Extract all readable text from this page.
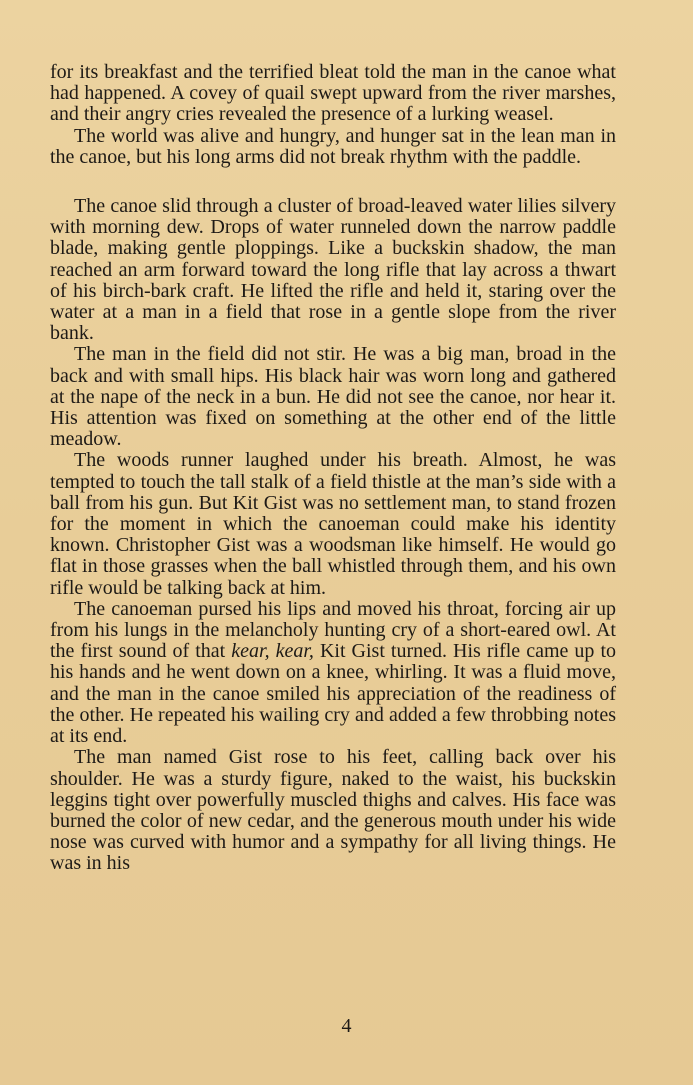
for its breakfast and the terrified bleat told the man in the canoe what had happened. A covey of quail swept upward from the river marshes, and their angry cries revealed the presence of a lurking weasel.

The world was alive and hungry, and hunger sat in the lean man in the canoe, but his long arms did not break rhythm with the paddle.

The canoe slid through a cluster of broad-leaved water lilies silvery with morning dew. Drops of water runneled down the narrow paddle blade, making gentle ploppings. Like a buckskin shadow, the man reached an arm forward toward the long rifle that lay across a thwart of his birch-bark craft. He lifted the rifle and held it, staring over the water at a man in a field that rose in a gentle slope from the river bank.

The man in the field did not stir. He was a big man, broad in the back and with small hips. His black hair was worn long and gathered at the nape of the neck in a bun. He did not see the canoe, nor hear it. His attention was fixed on something at the other end of the little meadow.

The woods runner laughed under his breath. Almost, he was tempted to touch the tall stalk of a field thistle at the man’s side with a ball from his gun. But Kit Gist was no settlement man, to stand frozen for the moment in which the canoeman could make his identity known. Christopher Gist was a woodsman like himself. He would go flat in those grasses when the ball whistled through them, and his own rifle would be talking back at him.

The canoeman pursed his lips and moved his throat, forcing air up from his lungs in the melancholy hunting cry of a short-eared owl. At the first sound of that kear, kear, Kit Gist turned. His rifle came up to his hands and he went down on a knee, whirling. It was a fluid move, and the man in the canoe smiled his appreciation of the readiness of the other. He repeated his wailing cry and added a few throbbing notes at its end.

The man named Gist rose to his feet, calling back over his shoulder. He was a sturdy figure, naked to the waist, his buckskin leggins tight over powerfully muscled thighs and calves. His face was burned the color of new cedar, and the generous mouth under his wide nose was curved with humor and a sympathy for all living things. He was in his

4
